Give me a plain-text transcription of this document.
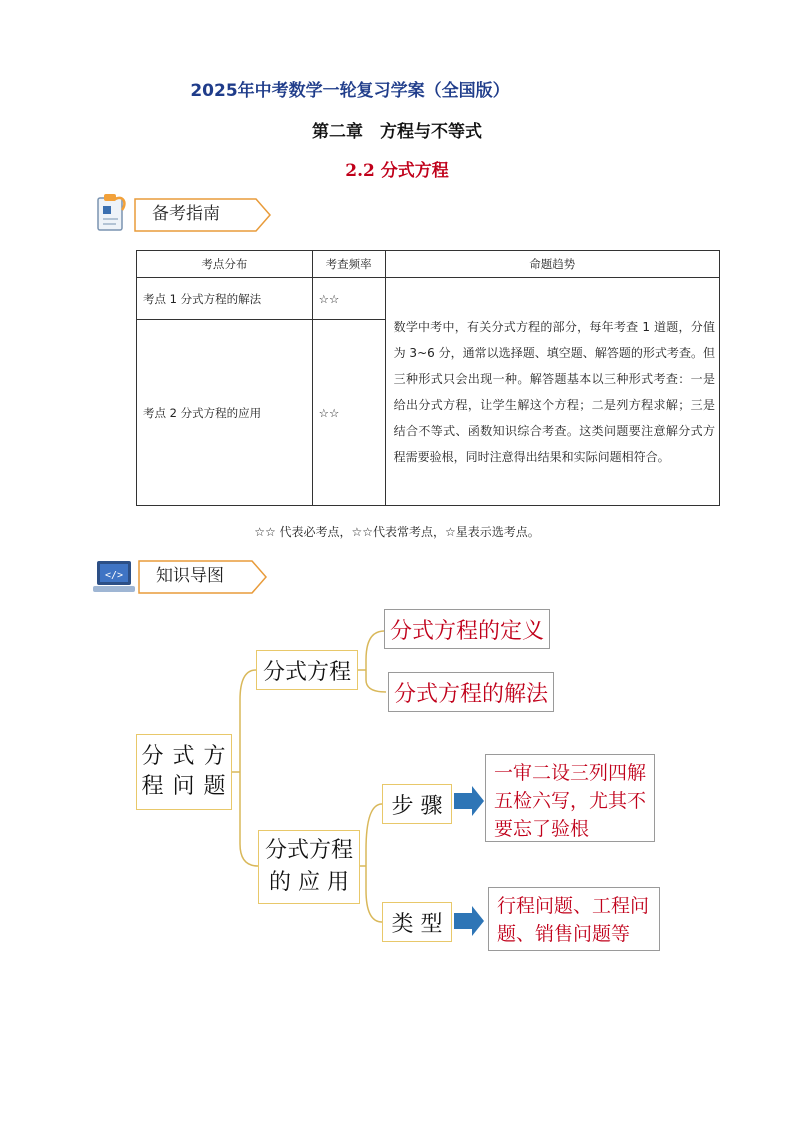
2025年中考数学一轮复习学案（全国版）
第二章　方程与不等式
2.2 分式方程
备考指南
考点分布	考查频率	命题趋势
考点 1 分式方程的解法	☆☆	数学中考中，有关分式方程的部分，每年考查 1 道题，分值为 3~6 分，通常以选择题、填空题、解答题的形式考查。但三种形式只会出现一种。解答题基本以三种形式考查：一是给出分式方程，让学生解这个方程；二是列方程求解；三是结合不等式、函数知识综合考查。这类问题要注意解分式方程需要验根，同时注意得出结果和实际问题相符合。
考点 2 分式方程的应用	☆☆	
☆☆ 代表必考点，☆☆代表常考点，☆星表示选考点。
</>	知识导图
分 式 方
程 问 题
分式方程
分式方程的定义
分式方程的解法
分式方程
的 应 用
步 骤
一审二设三列四解
五检六写，尤其不
要忘了验根
类 型
行程问题、工程问
题、销售问题等
